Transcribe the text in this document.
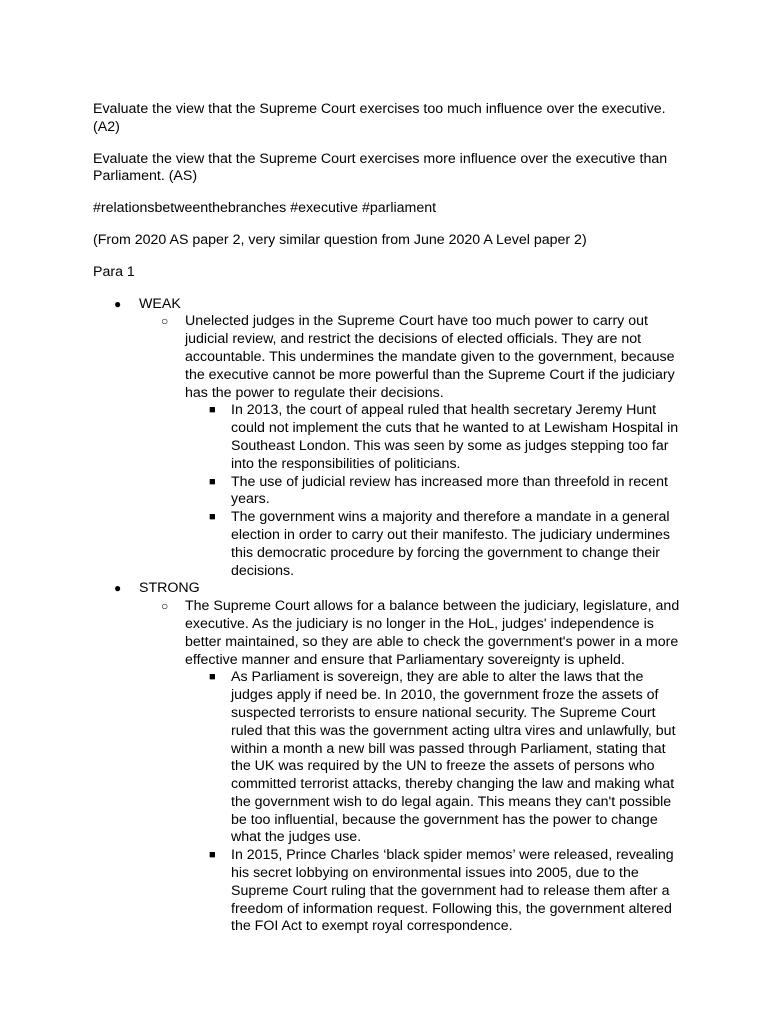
Evaluate the view that the Supreme Court exercises too much influence over the executive. (A2)

Evaluate the view that the Supreme Court exercises more influence over the executive than Parliament. (AS)

#relationsbetweenthebranches #executive #parliament

(From 2020 AS paper 2, very similar question from June 2020 A Level paper 2)

Para 1

● WEAK
○ Unelected judges in the Supreme Court have too much power to carry out judicial review, and restrict the decisions of elected officials. They are not accountable. This undermines the mandate given to the government, because the executive cannot be more powerful than the Supreme Court if the judiciary has the power to regulate their decisions.
■ In 2013, the court of appeal ruled that health secretary Jeremy Hunt could not implement the cuts that he wanted to at Lewisham Hospital in Southeast London. This was seen by some as judges stepping too far into the responsibilities of politicians.
■ The use of judicial review has increased more than threefold in recent years.
■ The government wins a majority and therefore a mandate in a general election in order to carry out their manifesto. The judiciary undermines this democratic procedure by forcing the government to change their decisions.
● STRONG
○ The Supreme Court allows for a balance between the judiciary, legislature, and executive. As the judiciary is no longer in the HoL, judges' independence is better maintained, so they are able to check the government's power in a more effective manner and ensure that Parliamentary sovereignty is upheld.
■ As Parliament is sovereign, they are able to alter the laws that the judges apply if need be. In 2010, the government froze the assets of suspected terrorists to ensure national security. The Supreme Court ruled that this was the government acting ultra vires and unlawfully, but within a month a new bill was passed through Parliament, stating that the UK was required by the UN to freeze the assets of persons who committed terrorist attacks, thereby changing the law and making what the government wish to do legal again. This means they can't possible be too influential, because the government has the power to change what the judges use.
■ In 2015, Prince Charles ‘black spider memos’ were released, revealing his secret lobbying on environmental issues into 2005, due to the Supreme Court ruling that the government had to release them after a freedom of information request. Following this, the government altered the FOI Act to exempt royal correspondence.
